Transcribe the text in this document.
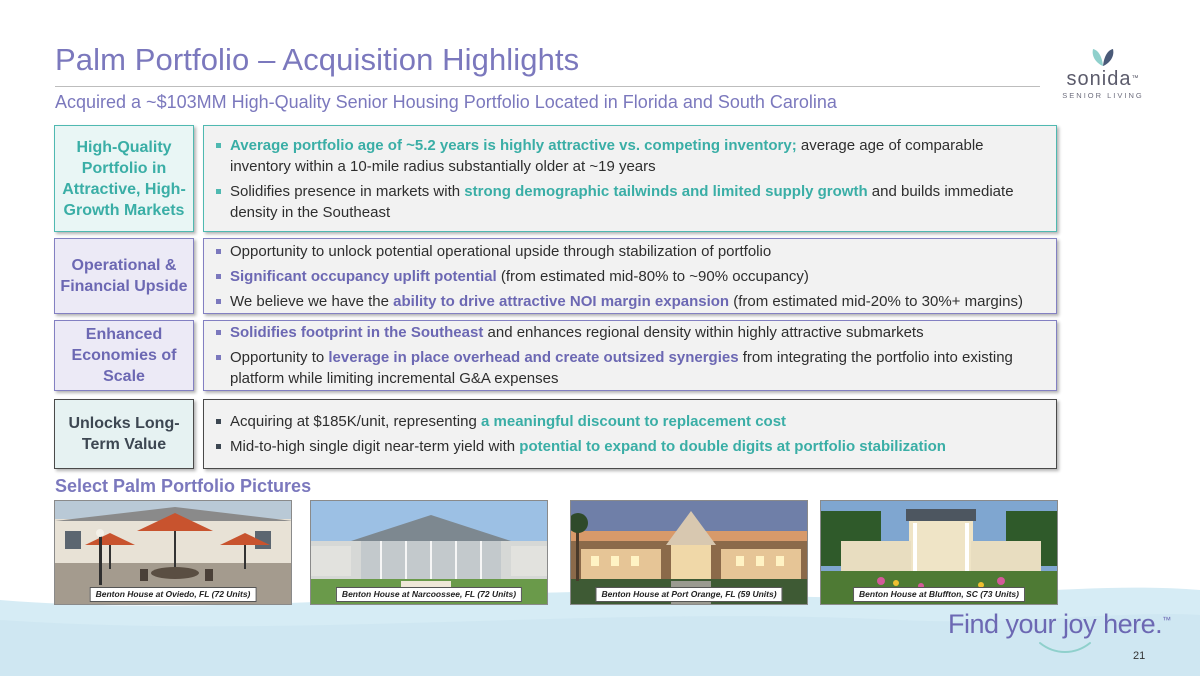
Palm Portfolio – Acquisition Highlights
Acquired a ~$103MM High-Quality Senior Housing Portfolio Located in Florida and South Carolina
sonida™
SENIOR LIVING
High-Quality Portfolio in Attractive, High-Growth Markets
Average portfolio age of ~5.2 years is highly attractive vs. competing inventory; average age of comparable inventory within a 10-mile radius substantially older at ~19 years
Solidifies presence in markets with strong demographic tailwinds and limited supply growth and builds immediate density in the Southeast
Operational & Financial Upside
Opportunity to unlock potential operational upside through stabilization of portfolio
Significant occupancy uplift potential (from estimated mid-80% to ~90% occupancy)
We believe we have the ability to drive attractive NOI margin expansion (from estimated mid-20% to 30%+ margins)
Enhanced Economies of Scale
Solidifies footprint in the Southeast and enhances regional density within highly attractive submarkets
Opportunity to leverage in place overhead and create outsized synergies from integrating the portfolio into existing platform while limiting incremental G&A expenses
Unlocks Long-Term Value
Acquiring at $185K/unit, representing a meaningful discount to replacement cost
Mid-to-high single digit near-term yield with potential to expand to double digits at portfolio stabilization
Select Palm Portfolio Pictures
Benton House at Oviedo, FL (72 Units)	Benton House at Narcoossee, FL (72 Units)	Benton House at Port Orange, FL (59 Units)	Benton House at Bluffton, SC (73 Units)
Find your joy here.™
21
